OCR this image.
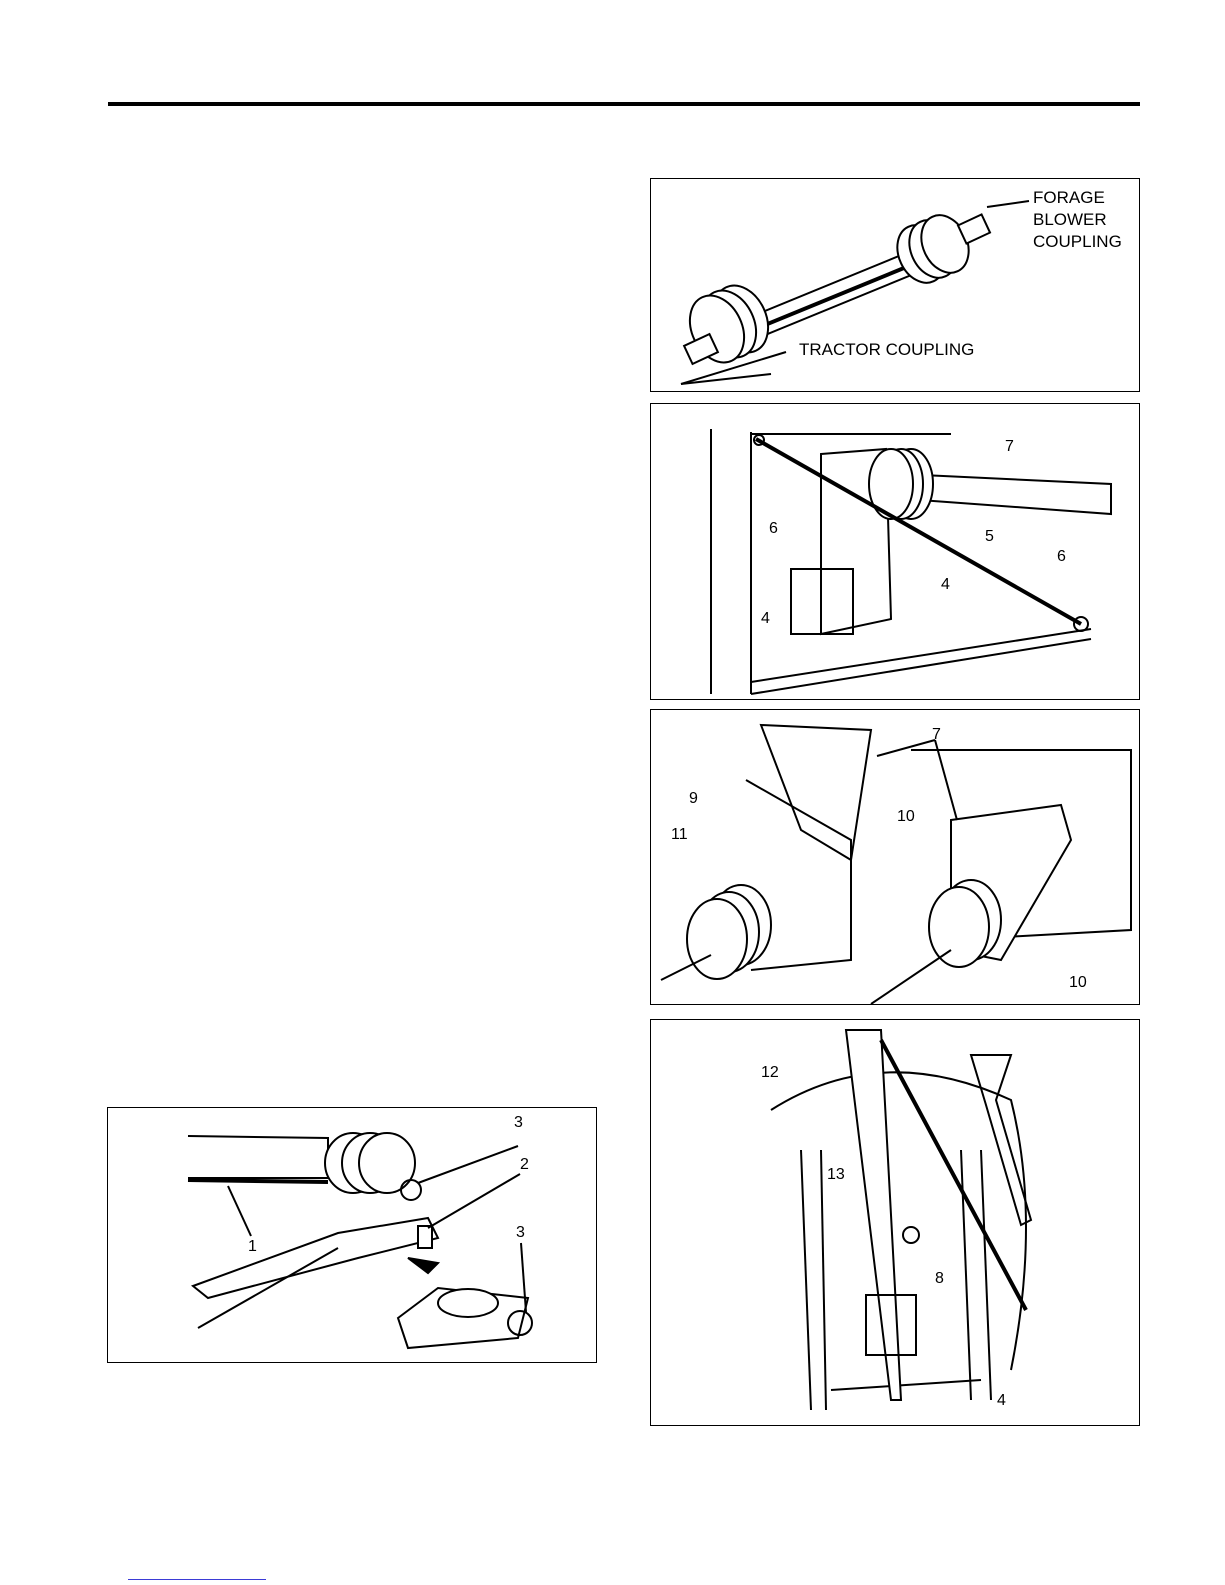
FORAGE BLOWER COUPLING
TRACTOR COUPLING
7
6	5
6
4
4
7
9
10
11
10
12
13
8
4
3
2
1
3
